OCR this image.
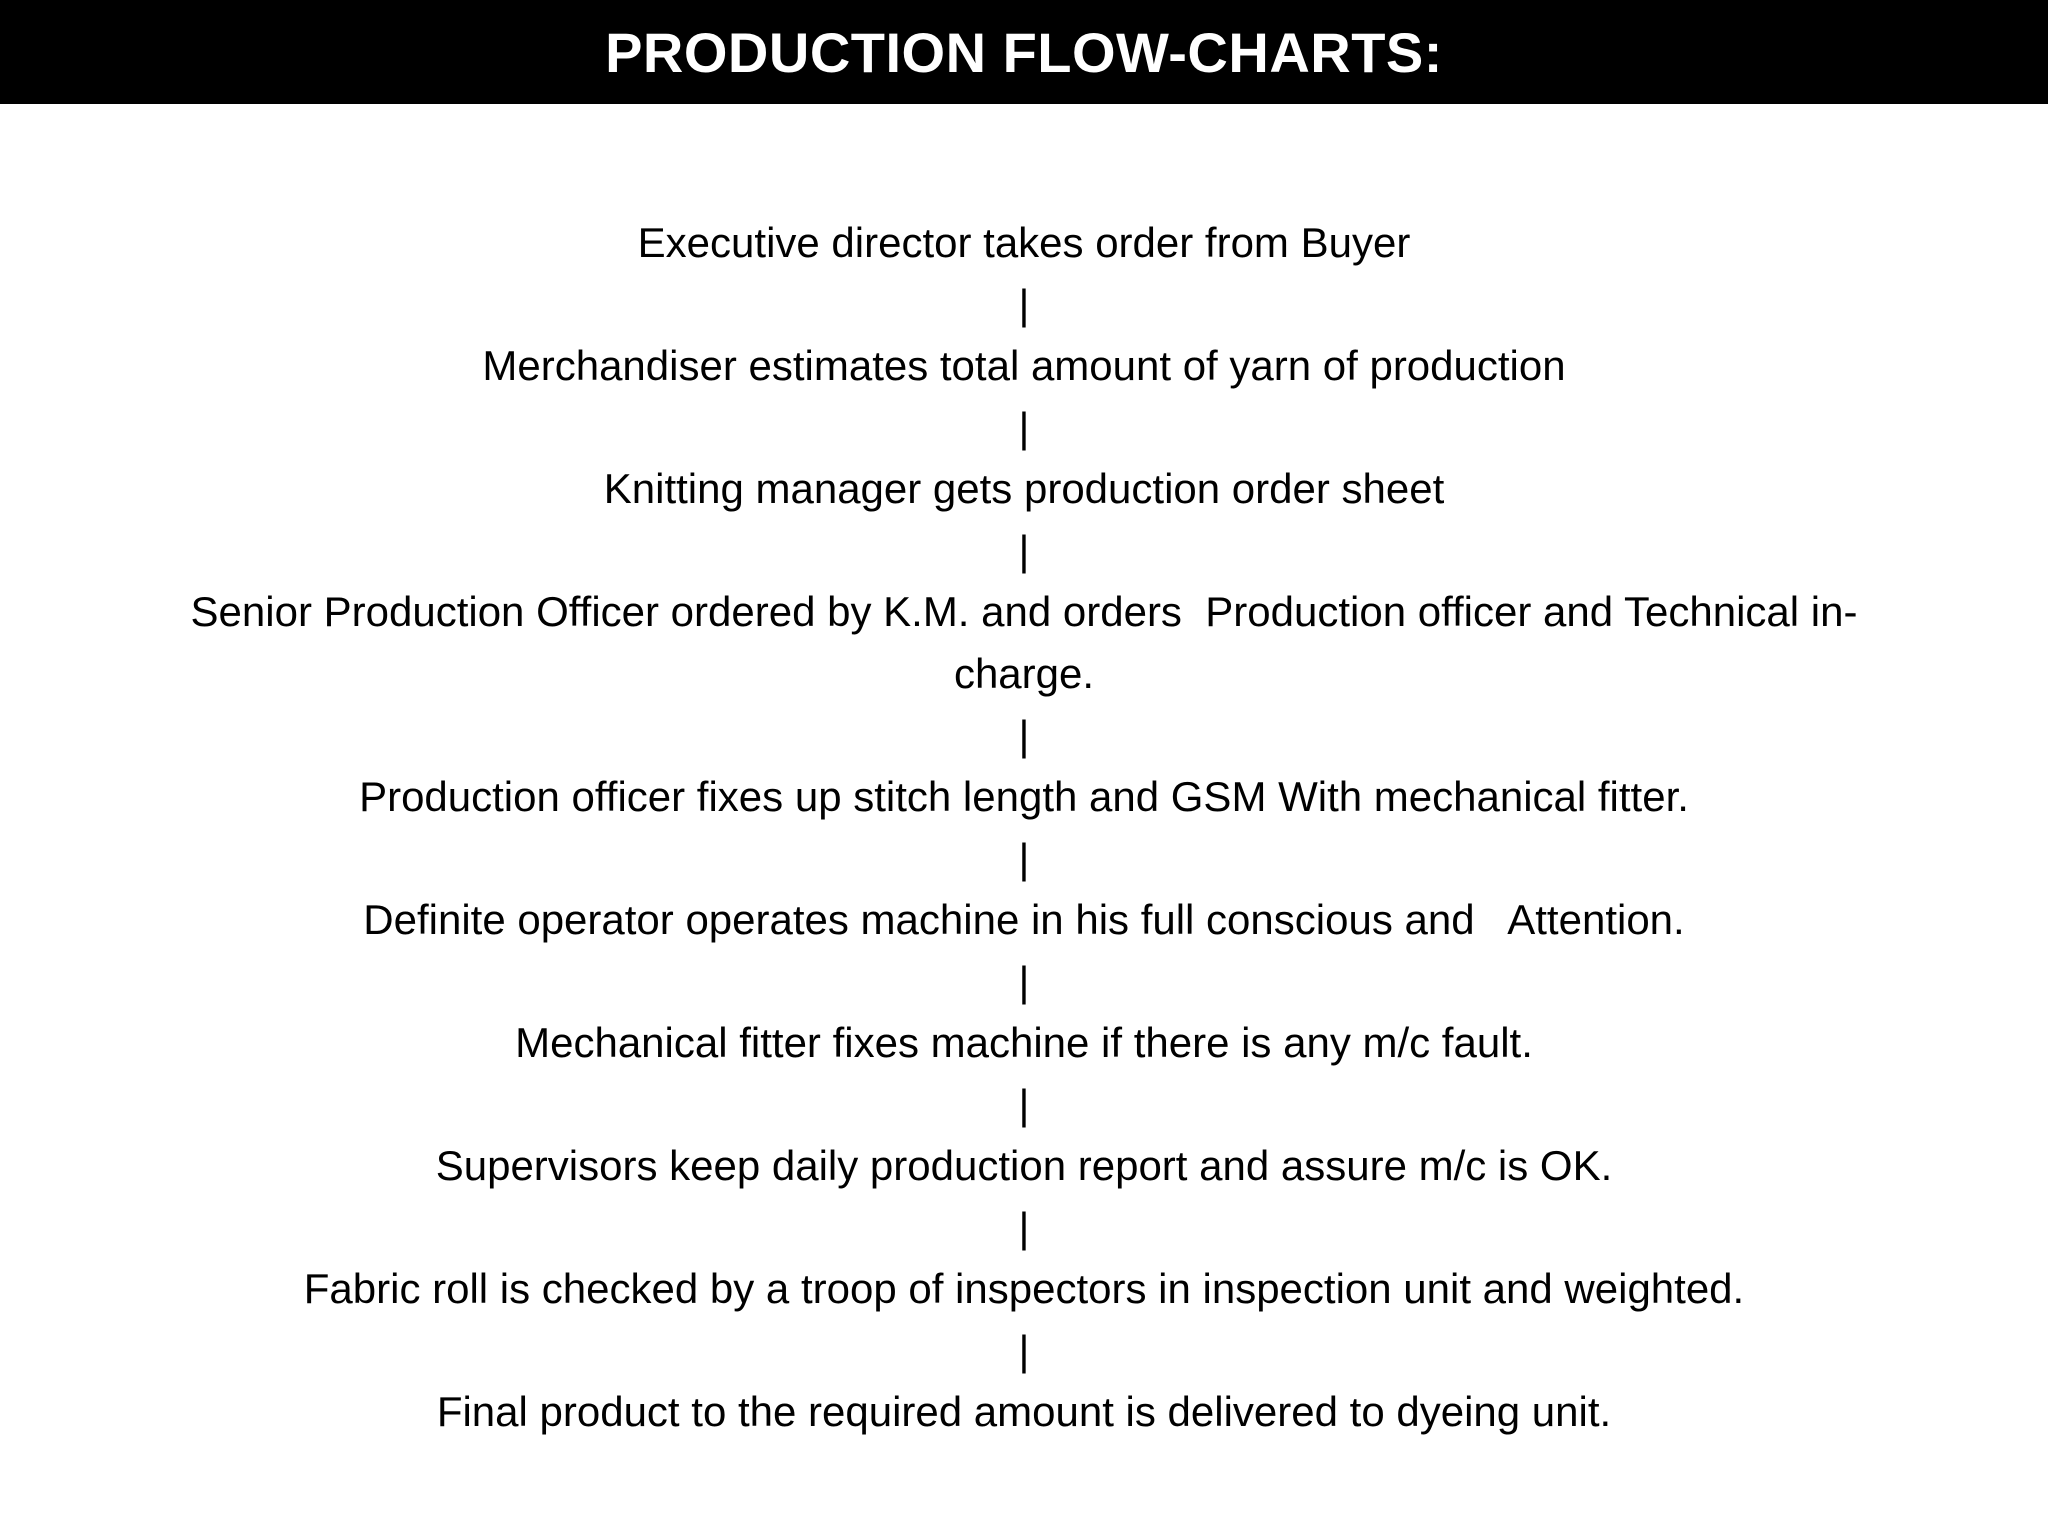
PRODUCTION FLOW-CHARTS:
Executive director takes order from Buyer
|
Merchandiser estimates total amount of yarn of production
|
Knitting manager gets production order sheet
|
Senior Production Officer ordered by K.M. and orders  Production officer and Technical in-
charge.
|
Production officer fixes up stitch length and GSM With mechanical fitter.
|
Definite operator operates machine in his full conscious and   Attention.
|
Mechanical fitter fixes machine if there is any m/c fault.
|
Supervisors keep daily production report and assure m/c is OK.
|
Fabric roll is checked by a troop of inspectors in inspection unit and weighted.
|
Final product to the required amount is delivered to dyeing unit.
